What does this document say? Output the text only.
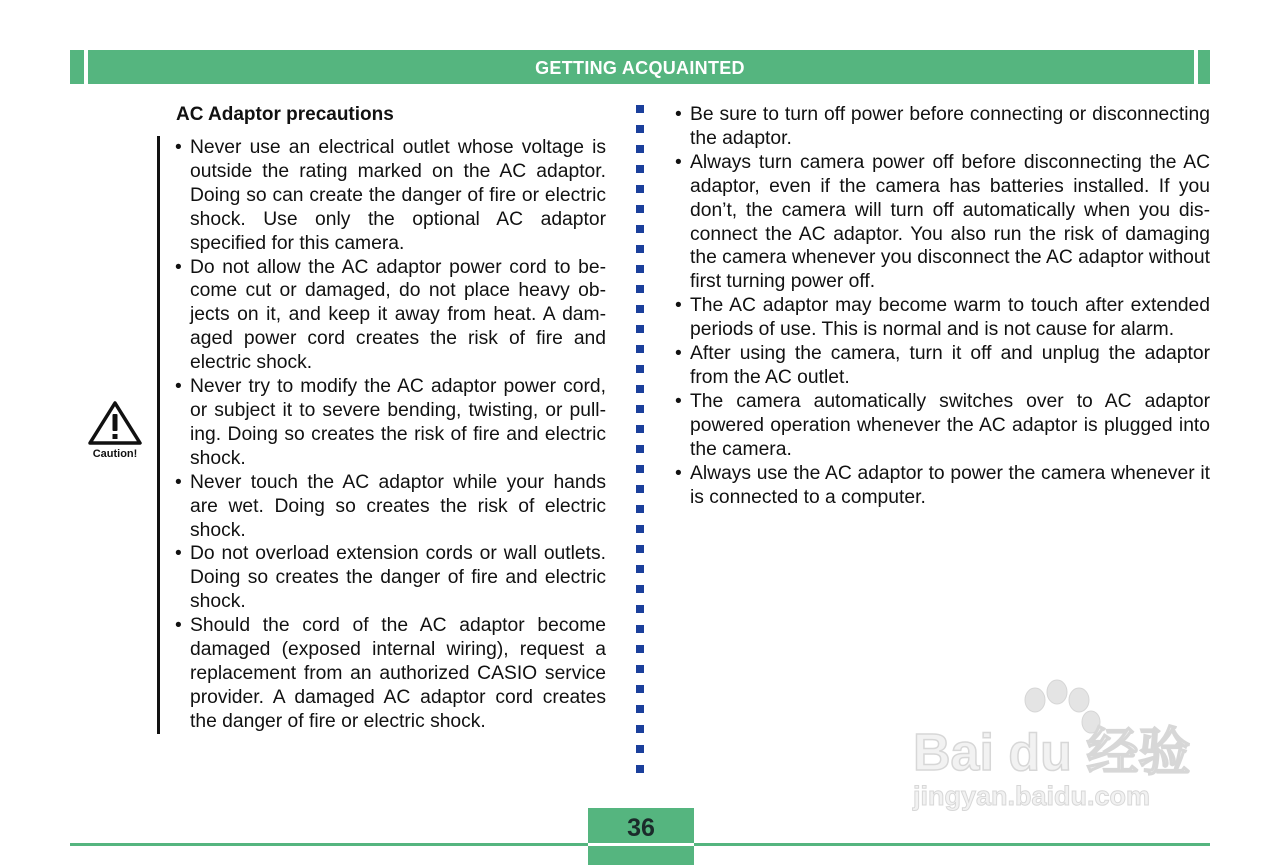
GETTING ACQUAINTED
AC Adaptor precautions
Caution!
• Never use an electrical outlet whose voltage is outside the rating marked on the AC adaptor. Doing so can create the danger of fire or electric shock. Use only the optional AC adaptor specified for this camera.
• Do not allow the AC adaptor power cord to become cut or damaged, do not place heavy objects on it, and keep it away from heat. A damaged power cord creates the risk of fire and electric shock.
• Never try to modify the AC adaptor power cord, or subject it to severe bending, twisting, or pulling. Doing so creates the risk of fire and electric shock.
• Never touch the AC adaptor while your hands are wet. Doing so creates the risk of electric shock.
• Do not overload extension cords or wall outlets. Doing so creates the danger of fire and electric shock.
• Should the cord of the AC adaptor become damaged (exposed internal wiring), request a replacement from an authorized CASIO service provider. A damaged AC adaptor cord creates the danger of fire or electric shock.
• Be sure to turn off power before connecting or disconnecting the adaptor.
• Always turn camera power off before disconnecting the AC adaptor, even if the camera has batteries installed. If you don’t, the camera will turn off automatically when you disconnect the AC adaptor. You also run the risk of damaging the camera whenever you disconnect the AC adaptor without first turning power off.
• The AC adaptor may become warm to touch after extended periods of use. This is normal and is not cause for alarm.
• After using the camera, turn it off and unplug the adaptor from the AC outlet.
• The camera automatically switches over to AC adaptor powered operation whenever the AC adaptor is plugged into the camera.
• Always use the AC adaptor to power the camera whenever it is connected to a computer.
Bai du 经验
jingyan.baidu.com
36
